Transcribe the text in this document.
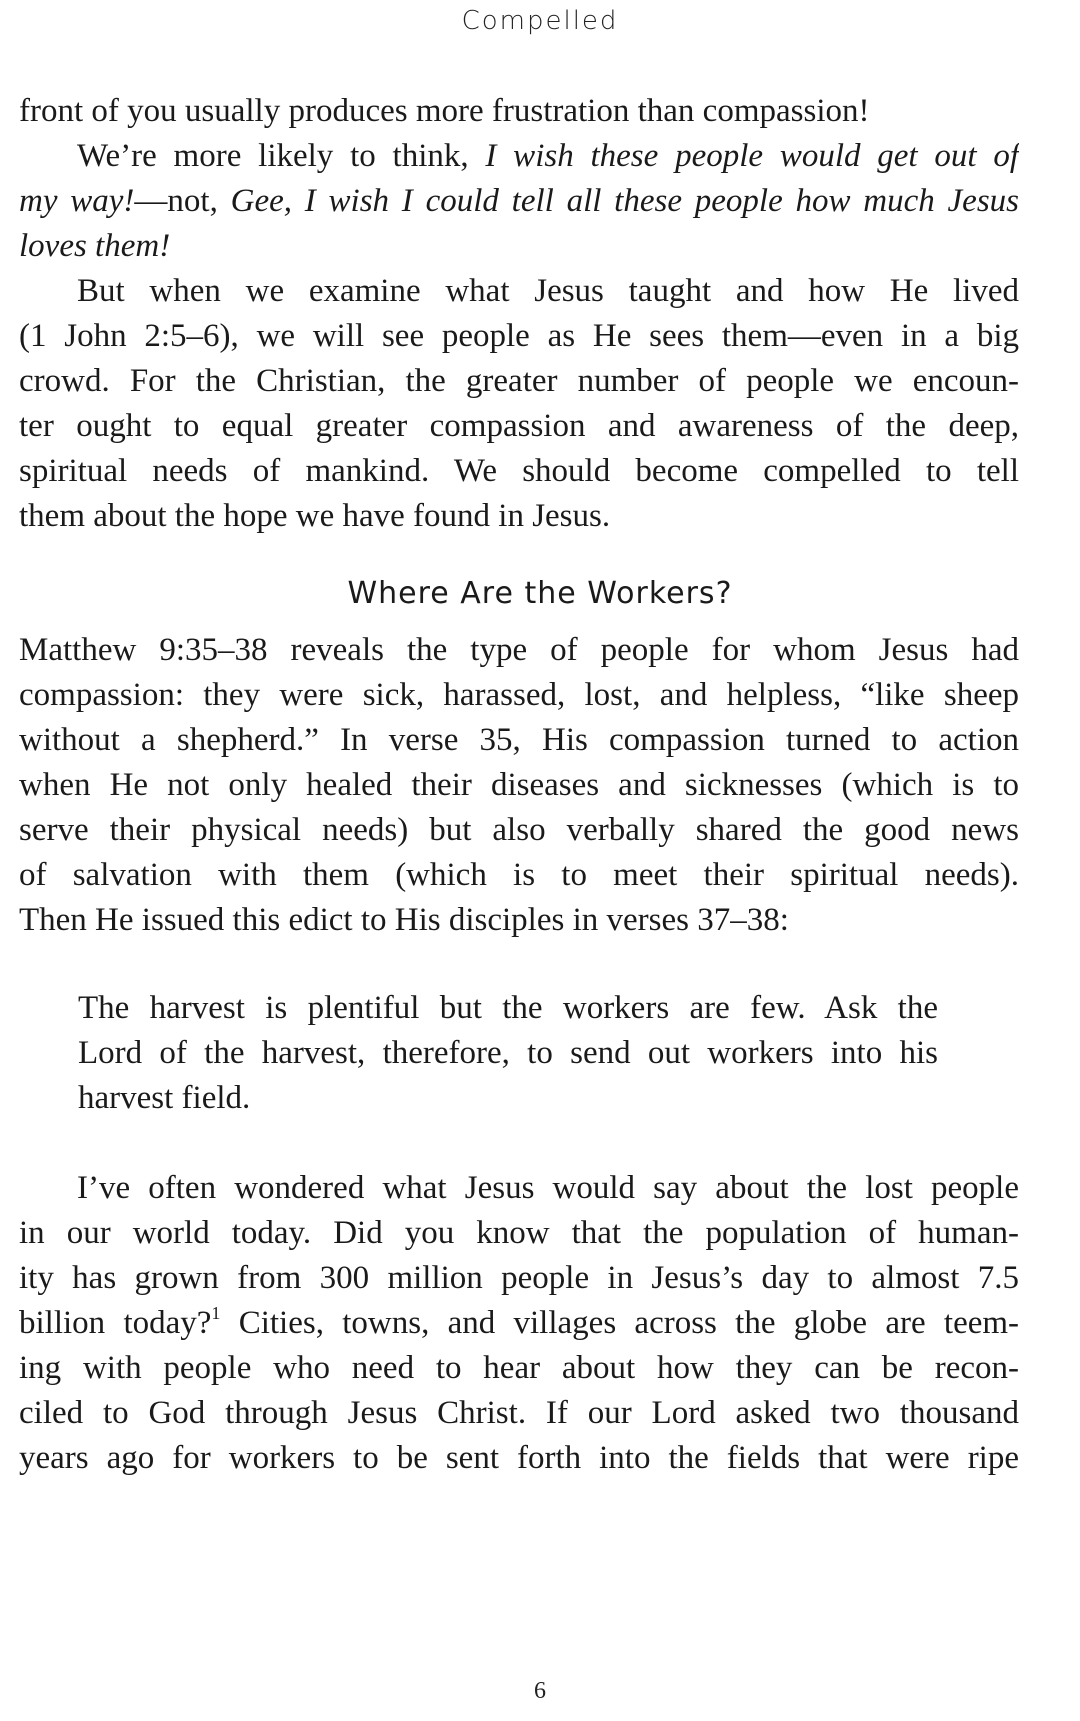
Compelled
front of you usually produces more frustration than compassion!
We’re more likely to think, I wish these people would get out of
my way!—not, Gee, I wish I could tell all these people how much Jesus
loves them!
But when we examine what Jesus taught and how He lived
(1 John 2:5–6), we will see people as He sees them—even in a big
crowd. For the Christian, the greater number of people we encoun-
ter ought to equal greater compassion and awareness of the deep,
spiritual needs of mankind. We should become compelled to tell
them about the hope we have found in Jesus.
Where Are the Workers?
Matthew 9:35–38 reveals the type of people for whom Jesus had
compassion: they were sick, harassed, lost, and helpless, “like sheep
without a shepherd.” In verse 35, His compassion turned to action
when He not only healed their diseases and sicknesses (which is to
serve their physical needs) but also verbally shared the good news
of salvation with them (which is to meet their spiritual needs).
Then He issued this edict to His disciples in verses 37–38:
The harvest is plentiful but the workers are few. Ask the
Lord of the harvest, therefore, to send out workers into his
harvest field.
I’ve often wondered what Jesus would say about the lost people
in our world today. Did you know that the population of human-
ity has grown from 300 million people in Jesus’s day to almost 7.5
billion today?$^1$ Cities, towns, and villages across the globe are teem-
ing with people who need to hear about how they can be recon-
ciled to God through Jesus Christ. If our Lord asked two thousand
years ago for workers to be sent forth into the fields that were ripe
6
